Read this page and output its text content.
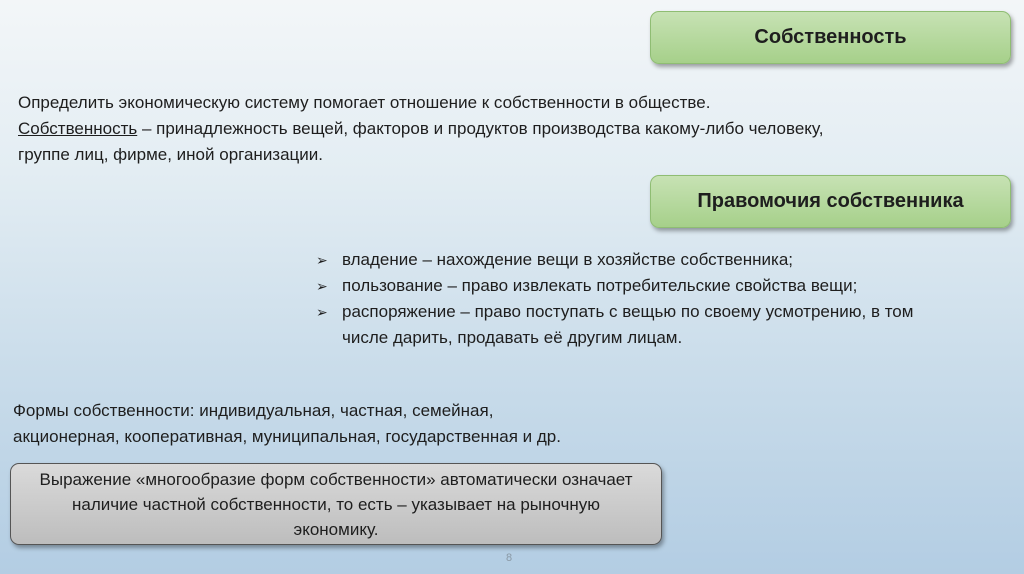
Собственность
Определить экономическую систему помогает отношение к собственности в обществе.
Собственность – принадлежность вещей, факторов и продуктов производства какому-либо человеку,
группе лиц, фирме, иной организации.
Правомочия собственника
➢ владение – нахождение вещи в хозяйстве собственника;
➢ пользование – право извлекать потребительские свойства вещи;
➢ распоряжение – право поступать с вещью по своему усмотрению, в том числе дарить, продавать её другим лицам.
Формы собственности: индивидуальная, частная, семейная,
акционерная, кооперативная, муниципальная, государственная и др.
Выражение «многообразие форм собственности» автоматически означает наличие частной собственности, то есть – указывает на рыночную экономику.
8
